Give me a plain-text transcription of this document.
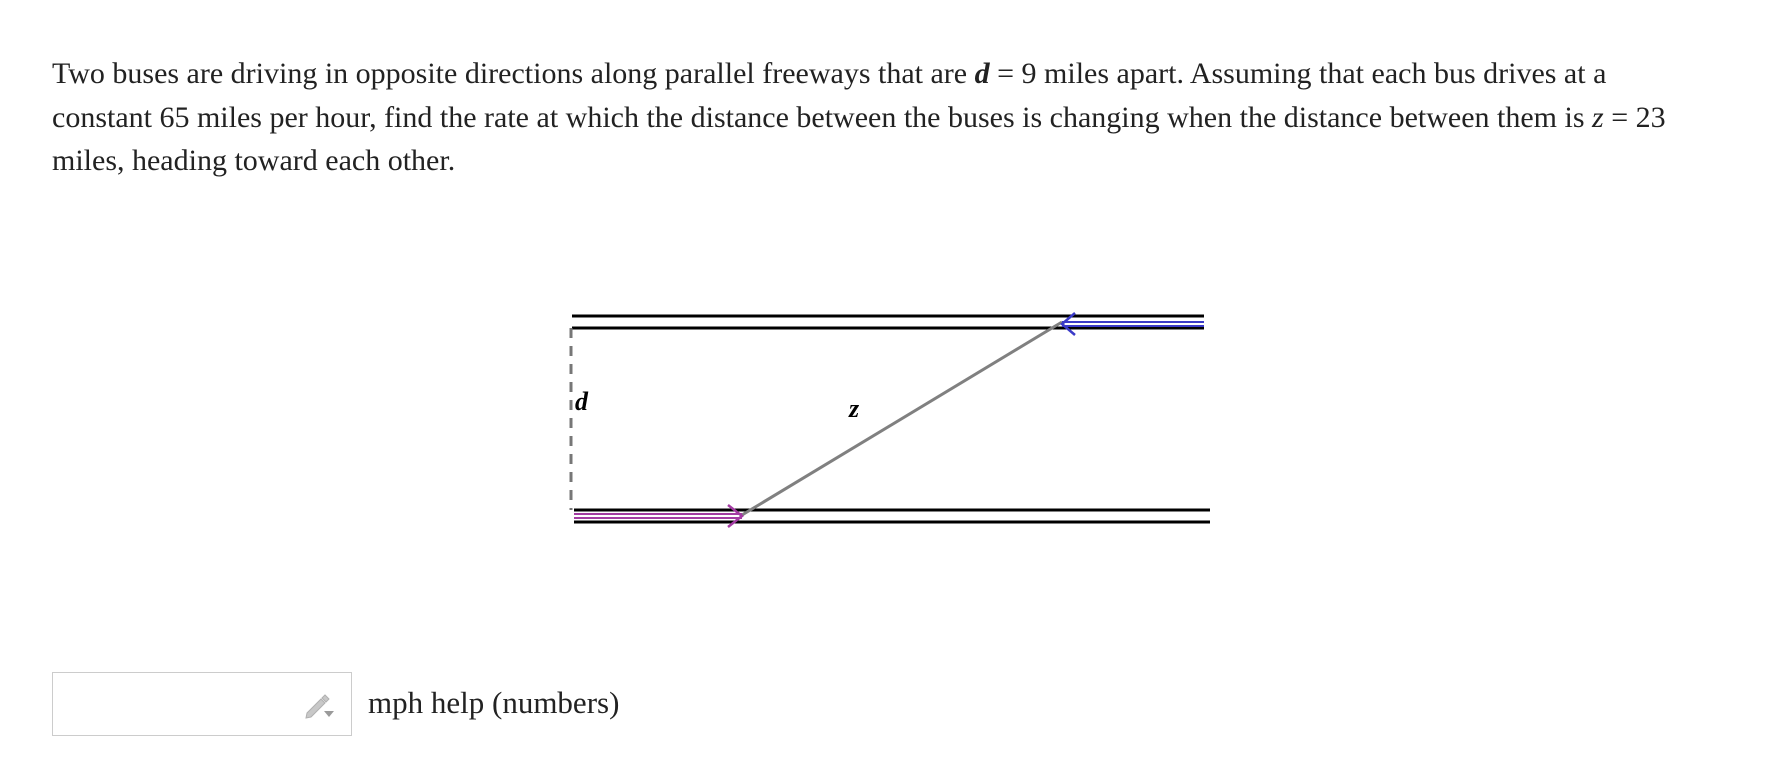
Two buses are driving in opposite directions along parallel freeways that are d = 9 miles apart. Assuming that each bus drives at a constant 65 miles per hour, find the rate at which the distance between the buses is changing when the distance between them is z = 23 miles, heading toward each other.

d	z
mph help (numbers)
